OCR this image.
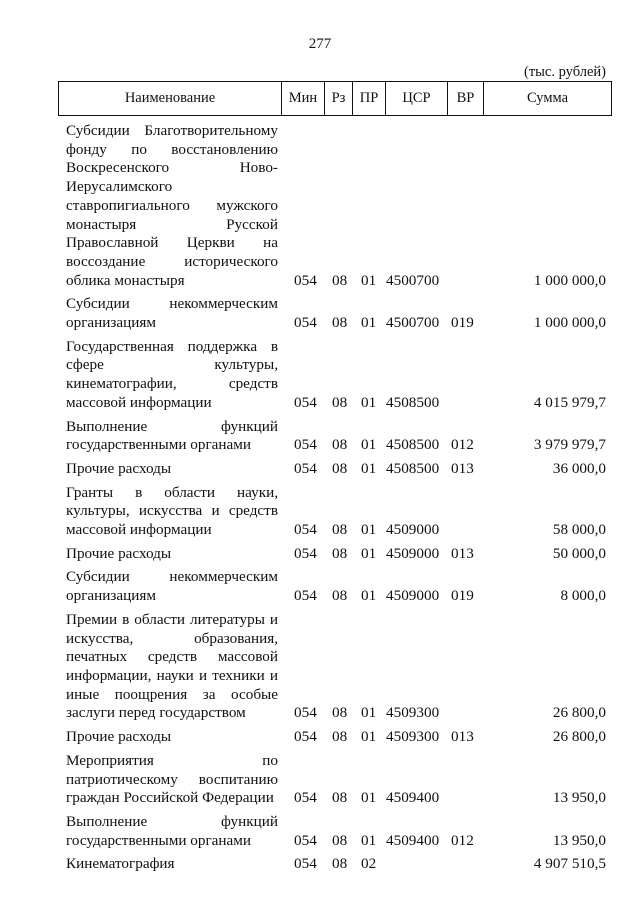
277
(тыс. рублей)
Наименование	Мин Рз ПР	ЦСР	ВР	Сумма
Субсидии Благотворительному
фонду по восстановлению
Воскресенского Ново-
Иерусалимского
ставропигиального мужского
монастыря Русской
Православной Церкви на
воссоздание исторического
облика монастыря	054 08 01 4500700	1 000 000,0
Субсидии некоммерческим
организациям	054 08 01 4500700 019	1 000 000,0
Государственная поддержка в
сфере культуры,
кинематографии, средств
массовой информации	054 08 01 4508500	4 015 979,7
Выполнение функций
государственными органами	054 08 01 4508500 012	3 979 979,7
Прочие расходы	054 08 01 4508500 013	36 000,0
Гранты в области науки,
культуры, искусства и средств
массовой информации	054 08 01 4509000	58 000,0
Прочие расходы	054 08 01 4509000 013	50 000,0
Субсидии некоммерческим
организациям	054 08 01 4509000 019	8 000,0
Премии в области литературы и
искусства, образования,
печатных средств массовой
информации, науки и техники и
иные поощрения за особые
заслуги перед государством	054 08 01 4509300	26 800,0
Прочие расходы	054 08 01 4509300 013	26 800,0
Мероприятия по
патриотическому воспитанию
граждан Российской Федерации 054 08 01 4509400	13 950,0
Выполнение функций
государственными органами	054 08 01 4509400 012	13 950,0
Кинематография	054 08 02	4 907 510,5
